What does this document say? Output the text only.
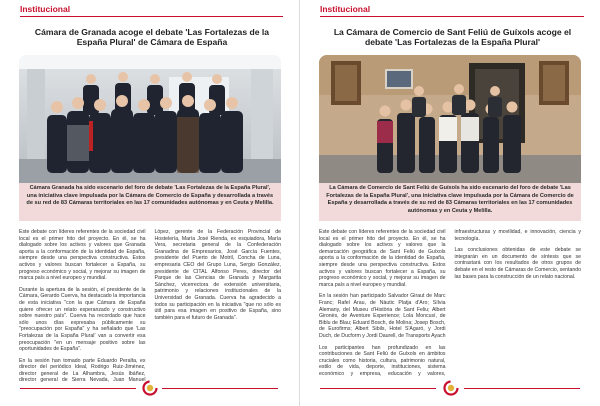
Institucional
Cámara de Granada acoge el debate 'Las Fortalezas de la España Plural' de Cámara de España
Cámara Granada ha sido escenario del foro de debate 'Las Fortalezas de la España Plural', una iniciativa clave impulsada por la Cámara de Comercio de España y desarrollada a través de su red de 83 Cámaras territoriales en las 17 comunidades autónomas y en Ceuta y Melilla.

Este debate con líderes referentes de la sociedad civil local es el primer hito del proyecto. En él, se ha dialogado sobre los activos y valores que Granada aporta a la conformación de la identidad de España, siempre desde una perspectiva constructiva. Estos activos y valores buscan fortalecer a España, su progreso económico y social, y mejorar su imagen de marca país a nivel europeo y mundial.

Durante la apertura de la sesión, el presidente de la Cámara, Gerardo Cuerva, ha destacado la importancia de esta iniciativa "con la que Cámara de España quiere ofrecer un relato esperanzado y constructivo sobre nuestro país". Cuerva ha recordado que hace sólo unos días expresaba públicamente su "preocupación por España" y ha señalado que 'Las Fortalezas de la España Plural' van a convertir esa preocupación "en un mensaje positivo sobre las oportunidades de España".

En la sesión han tomado parte Eduardo Peralta, ex director del periódico Ideal, Rodrigo Ruiz-Jiménez, director general de La Alhambra, Jesús Ibáñez, director general de Sierra Nevada, Juan Manuel López, gerente de la Federación Provincial de Hostelería, María José Rienda, ex esquiadora, María Vera, secretaria general de la Confederación Granadina de Empresarios, José García Fuentes, presidente del Puerto de Motril, Concha de Luna, empresaria CEO del Grupo Luna, Sergio González, presidente de CITAL Alfonso Peres, director del Parque de las Ciencias de Granada y Margarita Sánchez, vicerrectora de extensión universitaria, patrimonio y relaciones institucionales de la Universidad de Granada. Cuerva ha agradecido a todos su participación en la iniciativa "que no sólo es útil para esa imagen en positivo de España, sino también para el futuro de Granada".

Institucional
La Cámara de Comercio de Sant Feliú de Guíxols acoge el debate 'Las Fortalezas de la España Plural'
La Cámara de Comercio de Sant Feliú de Guíxols ha sido escenario del foro de debate 'Las Fortalezas de la España Plural', una iniciativa clave impulsada por la Cámara de Comercio de España y desarrollada a través de su red de 83 Cámaras territoriales en las 17 comunidades autónomas y en Ceuta y Melilla.

Este debate con líderes referentes de la sociedad civil local es el primer hito del proyecto. En él, se ha dialogado sobre los activos y valores que la demarcación geográfica de Sant Feliú de Guíxols aporta a la conformación de la identidad de España, siempre desde una perspectiva constructiva. Estos activos y valores buscan fortalecer a España, su progreso económico y social, y mejorar su imagen de marca país a nivel europeo y mundial.

En la sesión han participado Salvador Giraut de Marc Franc; Rafel Arau, de Nàutic Platja d'Aro; Sílvia Alemany, del Museu d'Història de Sant Feliu; Albert Gironès, de Aventure Experience; Lola Moncusí, de Biblu de Blau; Eduard Bosch, de Molina; Josep Bosch, de Eurofirms; Albert Sibils, Hotel S'Agaró, y Jordi Duch, de Ducform y Jordi Daurell, de Transports Ayach

Los participantes han profundizado en las contribuciones de Sant Feliú de Guíxols en ámbitos cruciales como historia, cultura, patrimonio natural, estilo de vida, deporte, instituciones, sistema económico y empresa, educación y valores, infraestructuras y movilidad, e innovación, ciencia y tecnología.

Las conclusiones obtenidas de este debate se integrarán en un documento de síntesis que se contrastará con los resultados de otros grupos de debate en el resto de Cámaras de Comercio, sentando las bases para la construcción de un relato nacional.
